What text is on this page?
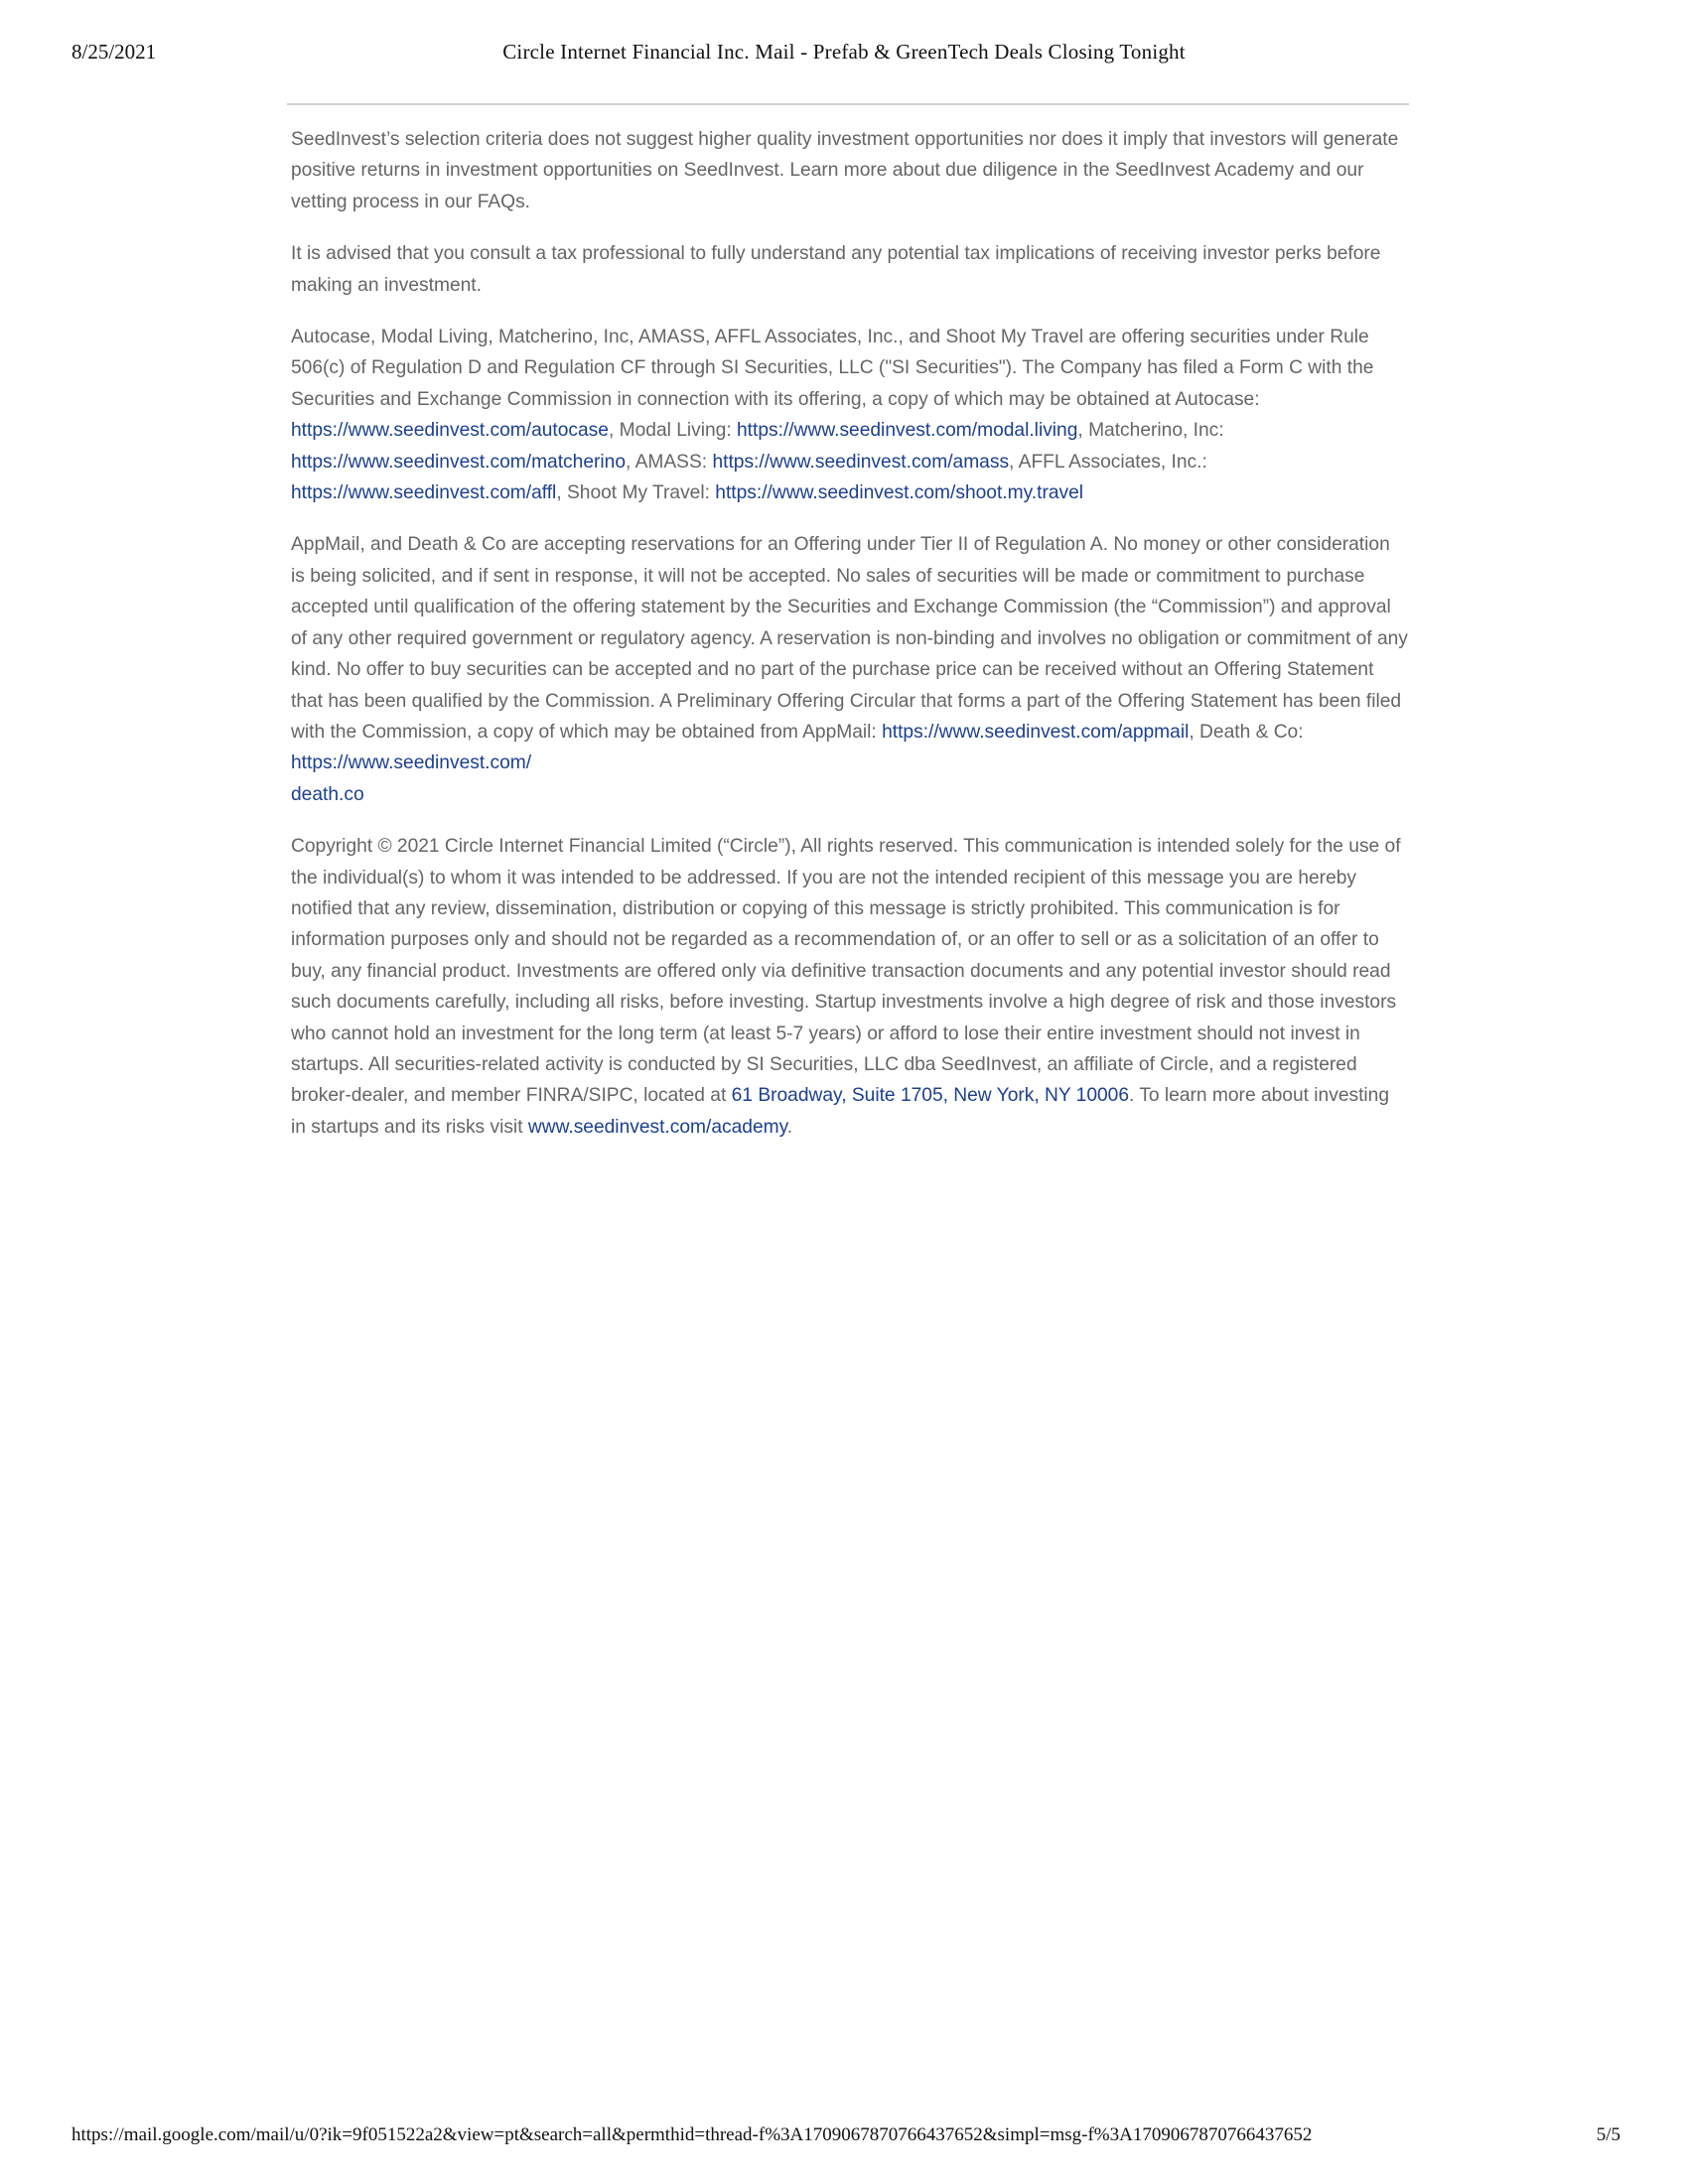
8/25/2021	Circle Internet Financial Inc. Mail - Prefab & GreenTech Deals Closing Tonight

SeedInvest’s selection criteria does not suggest higher quality investment opportunities nor does it imply that investors will generate positive returns in investment opportunities on SeedInvest. Learn more about due diligence in the SeedInvest Academy and our vetting process in our FAQs.

It is advised that you consult a tax professional to fully understand any potential tax implications of receiving investor perks before making an investment.

Autocase, Modal Living, Matcherino, Inc, AMASS, AFFL Associates, Inc., and Shoot My Travel are offering securities under Rule 506(c) of Regulation D and Regulation CF through SI Securities, LLC ("SI Securities"). The Company has filed a Form C with the Securities and Exchange Commission in connection with its offering, a copy of which may be obtained at Autocase: https://www.seedinvest.com/autocase, Modal Living: https://www.seedinvest.com/modal.living, Matcherino, Inc: https://www.seedinvest.com/matcherino, AMASS: https://www.seedinvest.com/amass, AFFL Associates, Inc.: https://www.seedinvest.com/affl, Shoot My Travel: https://www.seedinvest.com/shoot.my.travel

AppMail, and Death & Co are accepting reservations for an Offering under Tier II of Regulation A. No money or other consideration is being solicited, and if sent in response, it will not be accepted. No sales of securities will be made or commitment to purchase accepted until qualification of the offering statement by the Securities and Exchange Commission (the “Commission”) and approval of any other required government or regulatory agency. A reservation is non-binding and involves no obligation or commitment of any kind. No offer to buy securities can be accepted and no part of the purchase price can be received without an Offering Statement that has been qualified by the Commission. A Preliminary Offering Circular that forms a part of the Offering Statement has been filed with the Commission, a copy of which may be obtained from AppMail: https://www.seedinvest.com/appmail, Death & Co: https://www.seedinvest.com/
death.co

Copyright © 2021 Circle Internet Financial Limited (“Circle”), All rights reserved. This communication is intended solely for the use of the individual(s) to whom it was intended to be addressed. If you are not the intended recipient of this message you are hereby notified that any review, dissemination, distribution or copying of this message is strictly prohibited. This communication is for information purposes only and should not be regarded as a recommendation of, or an offer to sell or as a solicitation of an offer to buy, any financial product. Investments are offered only via definitive transaction documents and any potential investor should read such documents carefully, including all risks, before investing. Startup investments involve a high degree of risk and those investors who cannot hold an investment for the long term (at least 5-7 years) or afford to lose their entire investment should not invest in startups. All securities-related activity is conducted by SI Securities, LLC dba SeedInvest, an affiliate of Circle, and a registered broker-dealer, and member FINRA/SIPC, located at 61 Broadway, Suite 1705, New York, NY 10006. To learn more about investing in startups and its risks visit www.seedinvest.com/academy.

https://mail.google.com/mail/u/0?ik=9f051522a2&view=pt&search=all&permthid=thread-f%3A1709067870766437652&simpl=msg-f%3A1709067870766437652	5/5
